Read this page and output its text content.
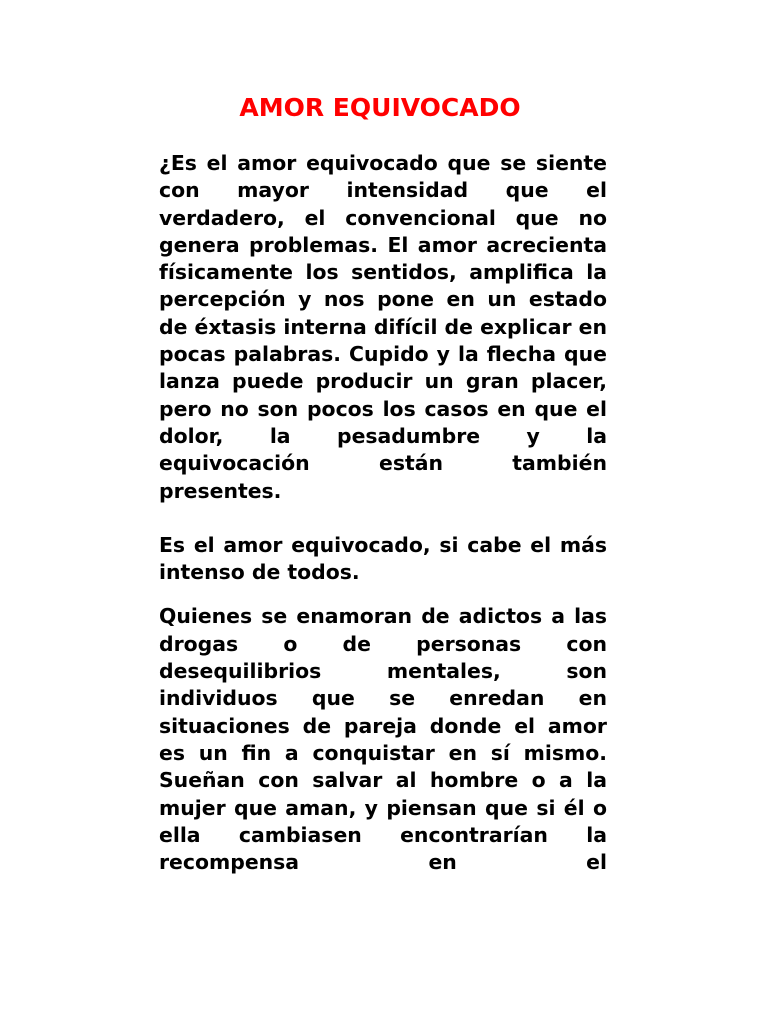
AMOR EQUIVOCADO

¿Es el amor equivocado que se siente con mayor intensidad que el verdadero, el convencional que no genera problemas. El amor acrecienta físicamente los sentidos, amplifica la percepción y nos pone en un estado de éxtasis interna difícil de explicar en pocas palabras. Cupido y la flecha que lanza puede producir un gran placer, pero no son pocos los casos en que el dolor, la pesadumbre y la equivocación están también presentes.

Es el amor equivocado, si cabe el más intenso de todos.

Quienes se enamoran de adictos a las drogas o de personas con desequilibrios mentales, son individuos que se enredan en situaciones de pareja donde el amor es un fin a conquistar en sí mismo. Sueñan con salvar al hombre o a la mujer que aman, y piensan que si él o ella cambiasen encontrarían la recompensa en el
